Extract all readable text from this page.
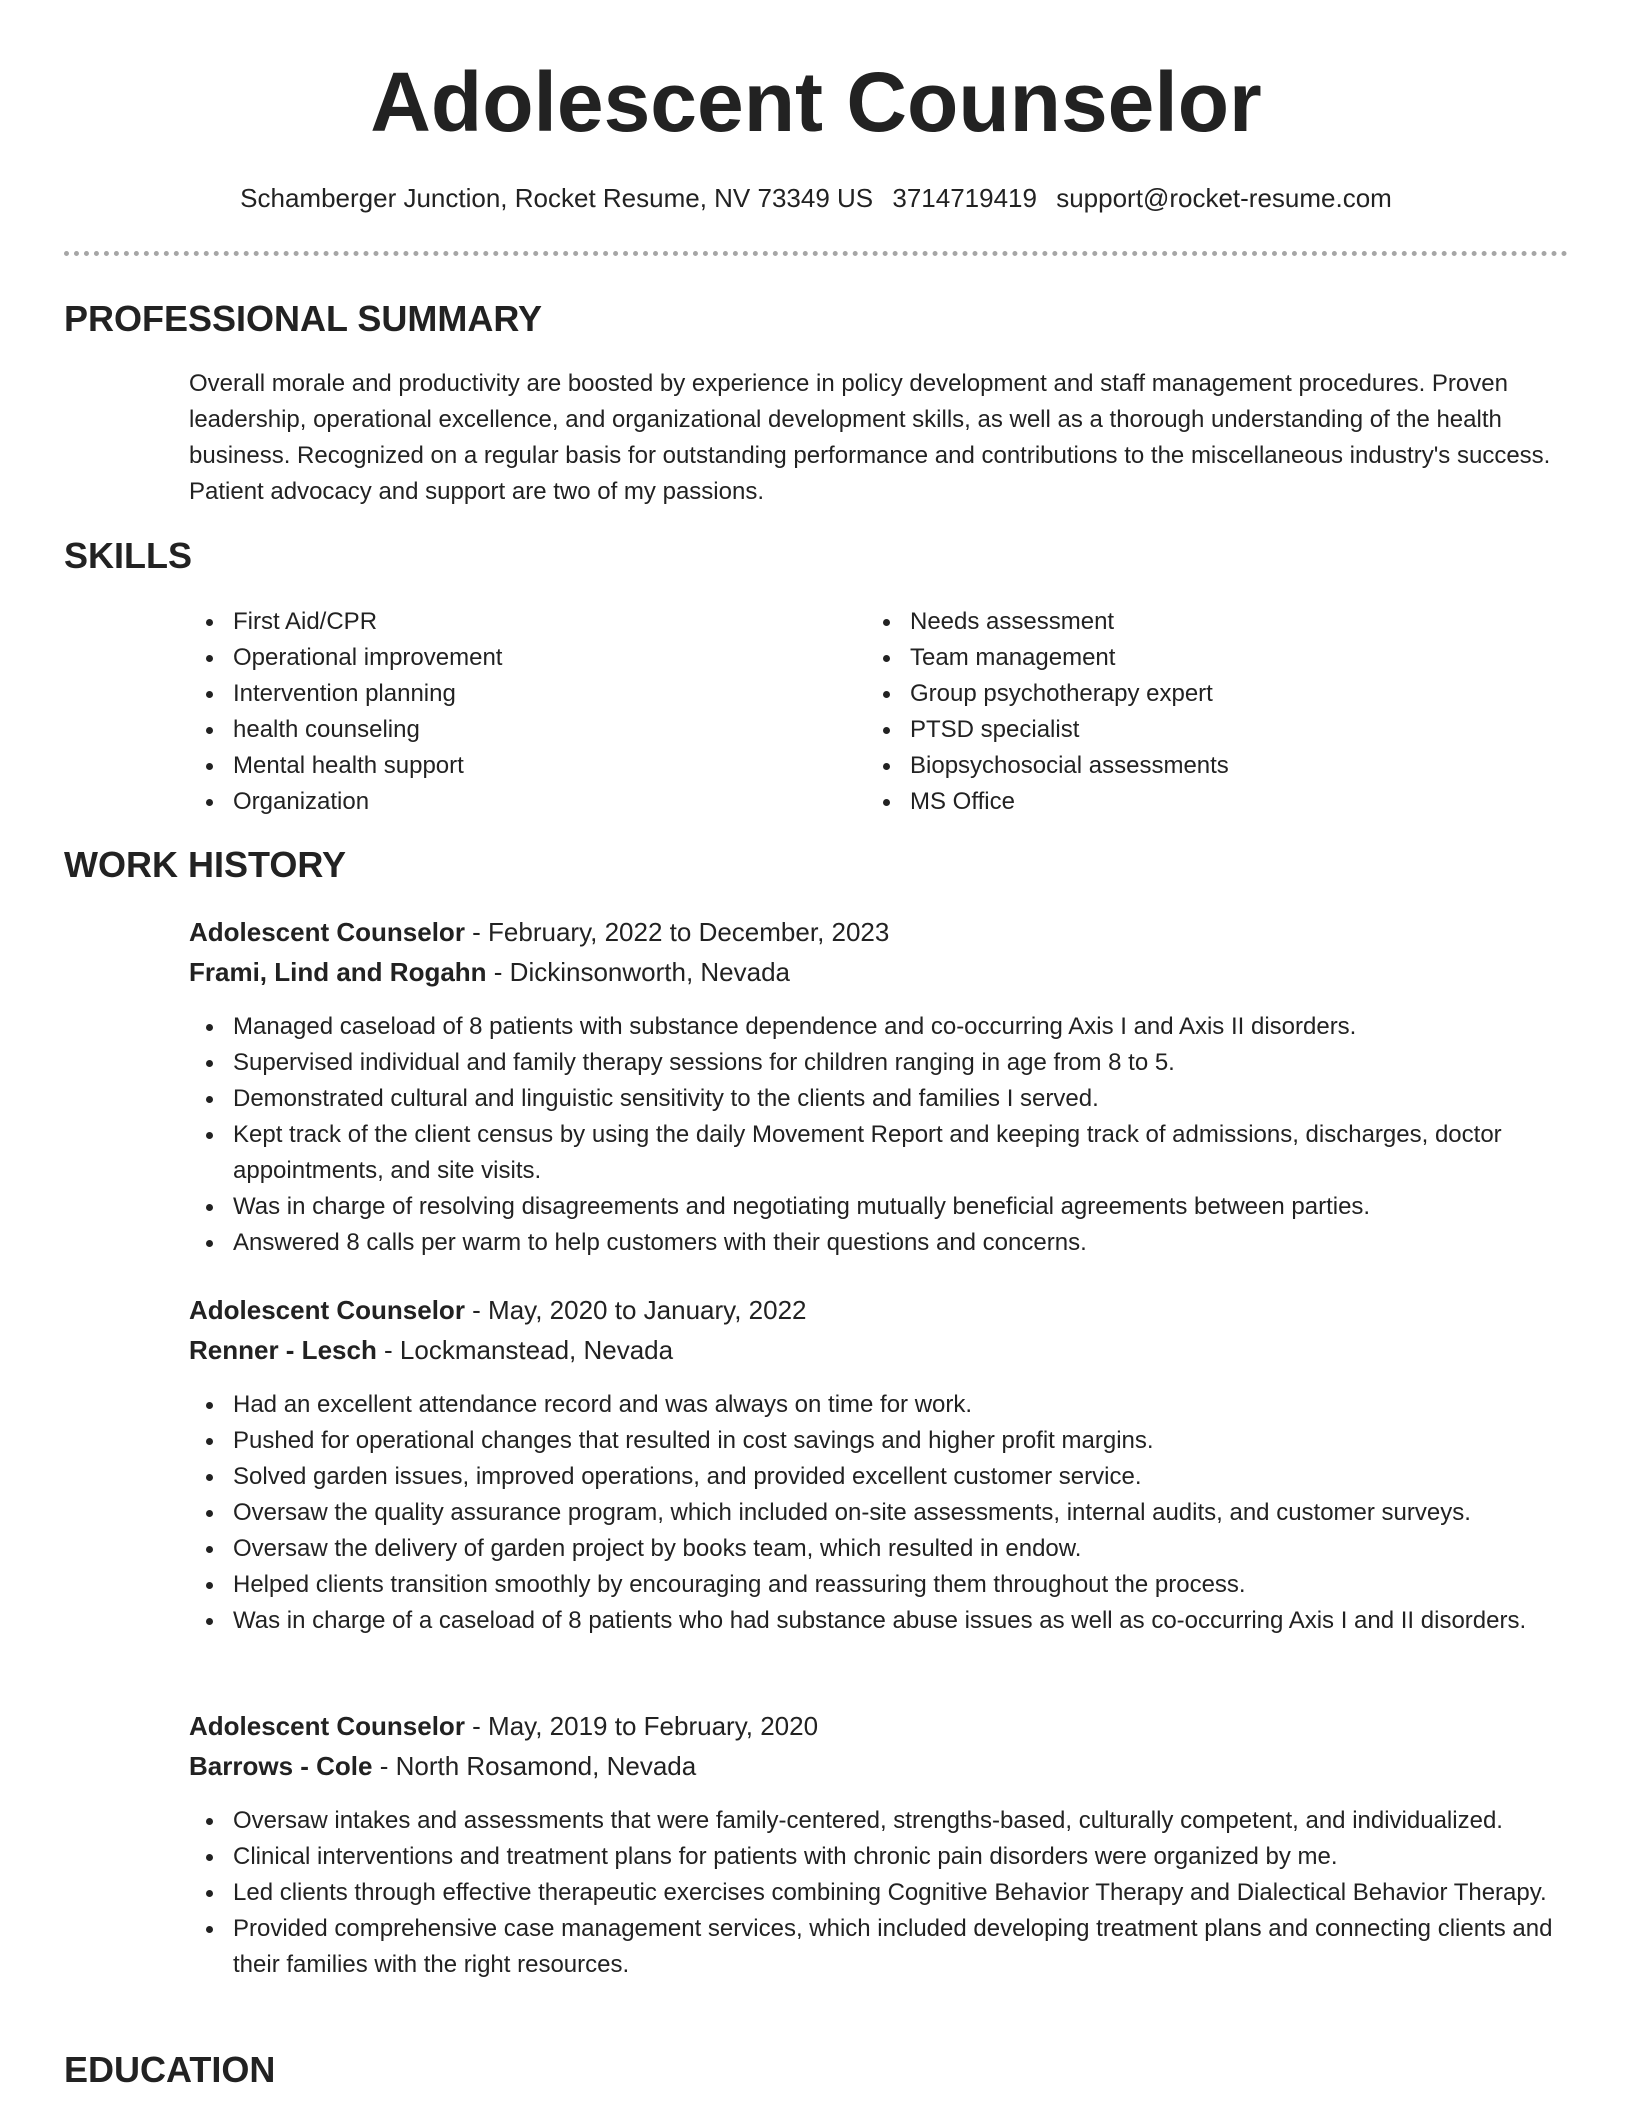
Adolescent Counselor
Schamberger Junction, Rocket Resume, NV 73349 US 3714719419 support@rocket-resume.com
PROFESSIONAL SUMMARY

Overall morale and productivity are boosted by experience in policy development and staff management procedures. Proven leadership, operational excellence, and organizational development skills, as well as a thorough understanding of the health business. Recognized on a regular basis for outstanding performance and contributions to the miscellaneous industry's success. Patient advocacy and support are two of my passions.

SKILLS
First Aid/CPR
Operational improvement
Intervention planning
health counseling
Mental health support
Organization
Needs assessment
Team management
Group psychotherapy expert
PTSD specialist
Biopsychosocial assessments
MS Office
WORK HISTORY
Adolescent Counselor - February, 2022 to December, 2023
Frami, Lind and Rogahn - Dickinsonworth, Nevada
Managed caseload of 8 patients with substance dependence and co-occurring Axis I and Axis II disorders.
Supervised individual and family therapy sessions for children ranging in age from 8 to 5.
Demonstrated cultural and linguistic sensitivity to the clients and families I served.
Kept track of the client census by using the daily Movement Report and keeping track of admissions, discharges, doctor appointments, and site visits.
Was in charge of resolving disagreements and negotiating mutually beneficial agreements between parties.
Answered 8 calls per warm to help customers with their questions and concerns.
Adolescent Counselor - May, 2020 to January, 2022
Renner - Lesch - Lockmanstead, Nevada
Had an excellent attendance record and was always on time for work.
Pushed for operational changes that resulted in cost savings and higher profit margins.
Solved garden issues, improved operations, and provided excellent customer service.
Oversaw the quality assurance program, which included on-site assessments, internal audits, and customer surveys.
Oversaw the delivery of garden project by books team, which resulted in endow.
Helped clients transition smoothly by encouraging and reassuring them throughout the process.
Was in charge of a caseload of 8 patients who had substance abuse issues as well as co-occurring Axis I and II disorders.
Adolescent Counselor - May, 2019 to February, 2020
Barrows - Cole - North Rosamond, Nevada
Oversaw intakes and assessments that were family-centered, strengths-based, culturally competent, and individualized.
Clinical interventions and treatment plans for patients with chronic pain disorders were organized by me.
Led clients through effective therapeutic exercises combining Cognitive Behavior Therapy and Dialectical Behavior Therapy.
Provided comprehensive case management services, which included developing treatment plans and connecting clients and their families with the right resources.
EDUCATION
